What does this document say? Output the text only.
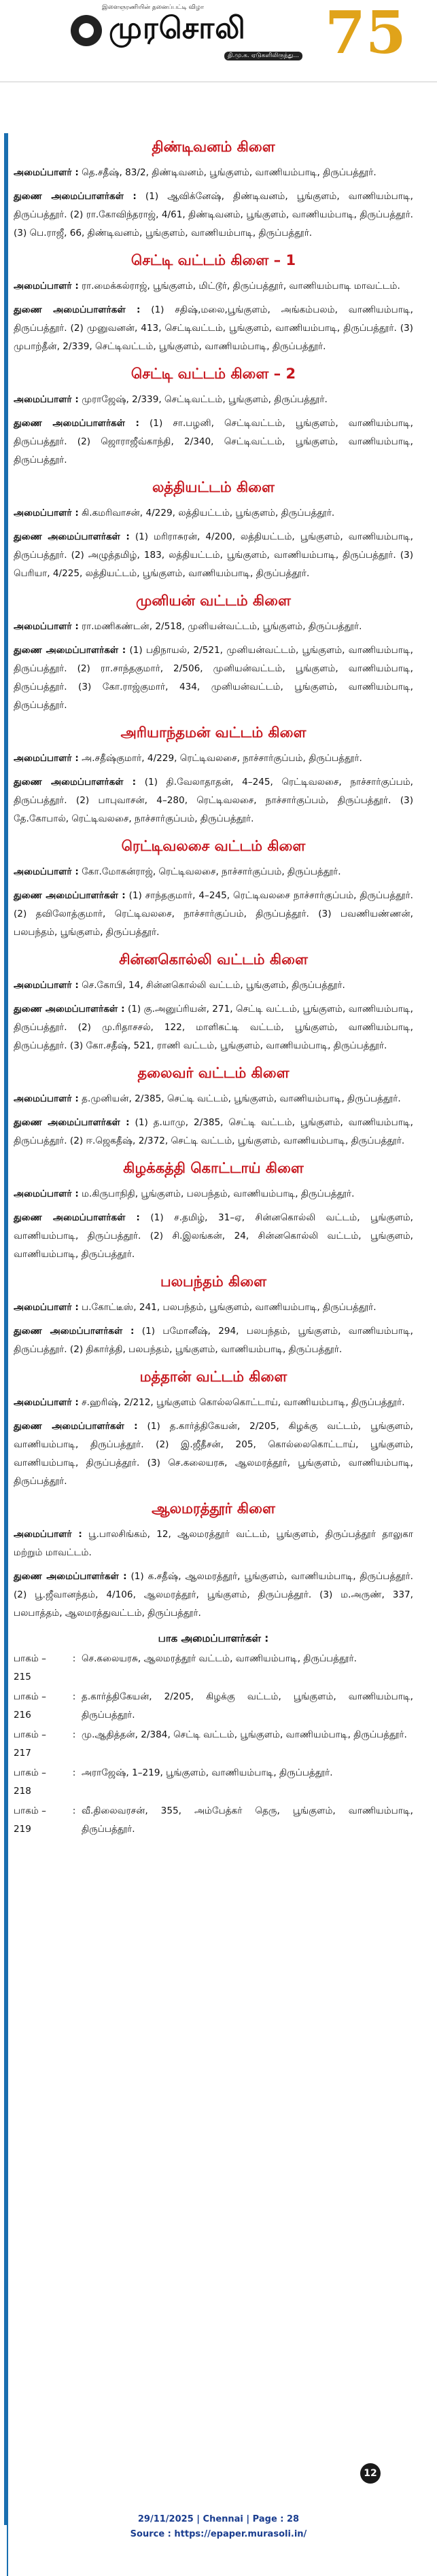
இளைஞரணியின் தனைப்பட்டி விழா
முரசொலி
தி.மு.க. ஏடுகளிலிருந்து... 75
திண்டிவனம் கிளை

அமைப்பாளர் : தெ.சதீஷ், 83/2, திண்டிவனம், பூங்குளம், வாணியம்பாடி, திருப்பத்தூர்.

துணை அமைப்பாளர்கள் : (1) ஆவிக்னேஷ், திண்டிவனம், பூங்குளம், வாணியம்பாடி, திருப்பத்தூர். (2) ரா.கோவிந்தராஜ், 4/61, திண்டிவனம், பூங்குளம், வாணியம்பாடி, திருப்பத்தூர். (3) பெ.ராஜீ, 66, திண்டிவனம், பூங்குளம், வாணியம்பாடி, திருப்பத்தூர்.

செட்டி வட்டம் கிளை – 1

அமைப்பாளர் : ரா.மைக்கல்ராஜ், பூங்குளம், மிட்டூர், திருப்பத்தூர், வாணியம்பாடி மாவட்டம்.

துணை அமைப்பாளர்கள் : (1) சதிஷ்,மலை,பூங்குளம், அங்கம்பலம், வாணியம்பாடி, திருப்பத்தூர். (2) முனுவனன், 413, செட்டிவட்டம், பூங்குளம், வாணியம்பாடி, திருப்பத்தூர். (3) முபாற்தீன், 2/339, செட்டிவட்டம், பூங்குளம், வாணியம்பாடி, திருப்பத்தூர்.

செட்டி வட்டம் கிளை – 2

அமைப்பாளர் : முராஜேஷ், 2/339, செட்டிவட்டம், பூங்குளம், திருப்பத்தூர்.

துணை அமைப்பாளர்கள் : (1) சா.பழனி, செட்டிவட்டம், பூங்குளம், வாணியம்பாடி, திருப்பத்தூர். (2) ஜொராஜீவ்காந்தி, 2/340, செட்டிவட்டம், பூங்குளம், வாணியம்பாடி, திருப்பத்தூர்.

லத்தியட்டம் கிளை

அமைப்பாளர் : கி.கமரிவாசன், 4/229, லத்தியட்டம், பூங்குளம், திருப்பத்தூர்.

துணை அமைப்பாளர்கள் : (1) மரிராசுரன், 4/200, லத்தியட்டம், பூங்குளம், வாணியம்பாடி, திருப்பத்தூர். (2) அழுத்தமிழ், 183, லத்தியட்டம், பூங்குளம், வாணியம்பாடி, திருப்பத்தூர். (3) பெரியா, 4/225, லத்தியட்டம், பூங்குளம், வாணியம்பாடி, திருப்பத்தூர்.

முனியன் வட்டம் கிளை

அமைப்பாளர் : ரா.மணிகண்டன், 2/518, முனியன்வட்டம், பூங்குளம், திருப்பத்தூர்.

துணை அமைப்பாளர்கள் : (1) பதிநாயல், 2/521, முனியன்வட்டம், பூங்குளம், வாணியம்பாடி, திருப்பத்தூர். (2) ரா.சாந்தகுமார், 2/506, முனியன்வட்டம், பூங்குளம், வாணியம்பாடி, திருப்பத்தூர். (3) கோ.ராஜ்குமார், 434, முனியன்வட்டம், பூங்குளம், வாணியம்பாடி, திருப்பத்தூர்.

அரியாந்தமன் வட்டம் கிளை

அமைப்பாளர் : அ.சதீஷ்குமார், 4/229, ரெட்டிவலசை, நாச்சார்குப்பம், திருப்பத்தூர்.

துணை அமைப்பாளர்கள் : (1) தி.வேலாதாதன், 4–245, ரெட்டிவலசை, நாச்சார்குப்பம், திருப்பத்தூர். (2) பாபுவாசன், 4–280, ரெட்டிவலசை, நாச்சார்குப்பம், திருப்பத்தூர். (3) தே.கோபால், ரெட்டிவலசை, நாச்சார்குப்பம், திருப்பத்தூர்.

ரெட்டிவலசை வட்டம் கிளை

அமைப்பாளர் : கோ.மோகன்ராஜ், ரெட்டிவலசை, நாச்சார்குப்பம், திருப்பத்தூர்.

துணை அமைப்பாளர்கள் : (1) சாந்தகுமார், 4–245, ரெட்டிவலசை நாச்சார்குப்பம், திருப்பத்தூர். (2) தவிலோத்குமார், ரெட்டிவலசை, நாச்சார்குப்பம், திருப்பத்தூர். (3) பவணியண்ணன், பலபந்தம், பூங்குளம், திருப்பத்தூர்.

சின்னகொல்லி வட்டம் கிளை

அமைப்பாளர் : செ.கோபி, 14, சின்னகொல்லி வட்டம், பூங்குளம், திருப்பத்தூர்.

துணை அமைப்பாளர்கள் : (1) கு.அனுப்ரியன், 271, செட்டி வட்டம், பூங்குளம், வாணியம்பாடி, திருப்பத்தூர். (2) மு.ரிதாசசல், 122, மாளிகட்டி வட்டம், பூங்குளம், வாணியம்பாடி, திருப்பத்தூர். (3) கோ.சதீஷ், 521, ராணி வட்டம், பூங்குளம், வாணியம்பாடி, திருப்பத்தூர்.

தலைவர் வட்டம் கிளை

அமைப்பாளர் : த.முனியன், 2/385, செட்டி வட்டம், பூங்குளம், வாணியம்பாடி, திருப்பத்தூர்.

துணை அமைப்பாளர்கள் : (1) த.யாமு, 2/385, செட்டி வட்டம், பூங்குளம், வாணியம்பாடி, திருப்பத்தூர். (2) ஈ.ஜெகதீஷ், 2/372, செட்டி வட்டம், பூங்குளம், வாணியம்பாடி, திருப்பத்தூர்.

கிழக்கத்தி கொட்டாய் கிளை

அமைப்பாளர் : ம.கிருபாநிதி, பூங்குளம், பலபந்தம், வாணியம்பாடி, திருப்பத்தூர்.

துணை அமைப்பாளர்கள் : (1) ச.தமிழ், 31–ஏ, சின்னகொல்லி வட்டம், பூங்குளம், வாணியம்பாடி, திருப்பத்தூர். (2) சி.இலங்கன், 24, சின்னகொல்லி வட்டம், பூங்குளம், வாணியம்பாடி, திருப்பத்தூர்.

பலபந்தம் கிளை

அமைப்பாளர் : ப.கோட்டீஸ், 241, பலபந்தம், பூங்குளம், வாணியம்பாடி, திருப்பத்தூர்.

துணை அமைப்பாளர்கள் : (1) பமோனீஷ், 294, பலபந்தம், பூங்குளம், வாணியம்பாடி, திருப்பத்தூர். (2) திகார்த்தி, பலபந்தம், பூங்குளம், வாணியம்பாடி, திருப்பத்தூர்.

மத்தான் வட்டம் கிளை

அமைப்பாளர் : ச.ஹரிஷ், 2/212, பூங்குளம் கொல்லகொட்டாய், வாணியம்பாடி, திருப்பத்தூர்.

துணை அமைப்பாளர்கள் : (1) த.கார்த்திகேயன், 2/205, கிழக்கு வட்டம், பூங்குளம், வாணியம்பாடி, திருப்பத்தூர். (2) இ.ஜீதீசன், 205, கொல்லைகொட்டாய், பூங்குளம், வாணியம்பாடி, திருப்பத்தூர். (3) செ.கலையரசு, ஆலமரத்தூர், பூங்குளம், வாணியம்பாடி, திருப்பத்தூர்.

ஆலமரத்தூர் கிளை

அமைப்பாளர் : பூ.பாலசிங்கம், 12, ஆலமரத்தூர் வட்டம், பூங்குளம், திருப்பத்தூர் தாலுகா மற்றும் மாவட்டம்.

துணை அமைப்பாளர்கள் : (1) க.சதீஷ், ஆலமரத்தூர், பூங்குளம், வாணியம்பாடி, திருப்பத்தூர். (2) பூ.ஜீவானந்தம், 4/106, ஆலமரத்தூர், பூங்குளம், திருப்பத்தூர். (3) ம.அருண், 337, பலபாத்தம், ஆலமரத்துவட்டம், திருப்பத்தூர்.

பாக அமைப்பாளர்கள் :
பாகம் – 215
: செ.கலையரசு, ஆலமரத்தூர் வட்டம், வாணியம்பாடி, திருப்பத்தூர்.
பாகம் – 216
: த.கார்த்திகேயன், 2/205, கிழக்கு வட்டம், பூங்குளம், வாணியம்பாடி, திருப்பத்தூர்.
பாகம் – 217
: மு.ஆதித்தன், 2/384, செட்டி வட்டம், பூங்குளம், வாணியம்பாடி, திருப்பத்தூர்.
பாகம் – 218
: அராஜேஷ், 1–219, பூங்குளம், வாணியம்பாடி, திருப்பத்தூர்.
பாகம் – 219
: வீ.திலைவரசன், 355, அம்பேத்கர் தெரு, பூங்குளம், வாணியம்பாடி, திருப்பத்தூர்.
12
29/11/2025 | Chennai | Page : 28
Source : https://epaper.murasoli.in/
